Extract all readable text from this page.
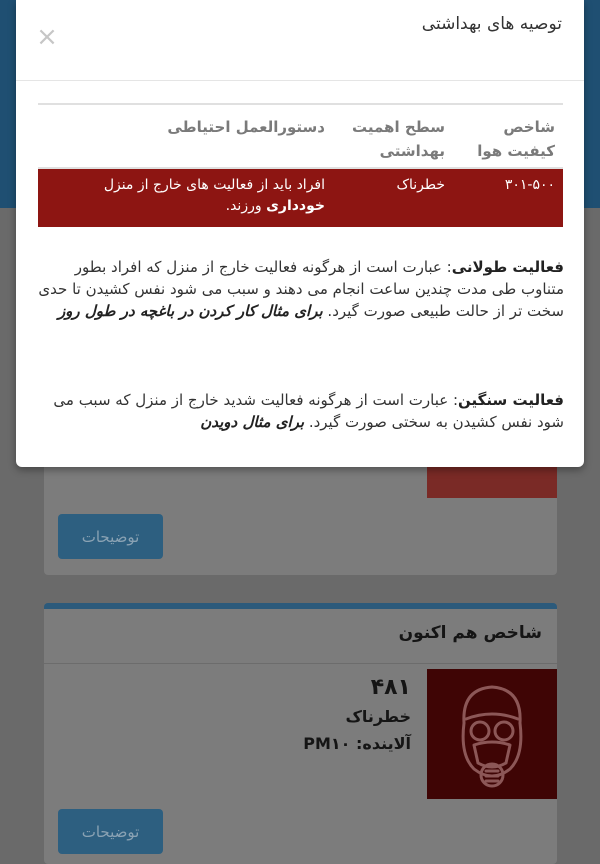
توضیحات
شاخص هم اکنون
۴۸۱
خطرناک
آلاینده: PM۱۰
توضیحات
توصیه های بهداشتی
×
شاخص کیفیت هوا
سطح اهمیت بهداشتی
دستورالعمل احتیاطی
۳۰۱-۵۰۰
خطرناک
افراد باید از فعالیت های خارج از منزل خودداری ورزند.
فعالیت طولانی: عبارت است از هرگونه فعالیت خارج از منزل که افراد بطور متناوب طی مدت چندین ساعت انجام می دهند و سبب می شود نفس کشیدن تا حدی سخت تر از حالت طبیعی صورت گیرد. برای مثال کار کردن در باغچه در طول روز
فعالیت سنگین: عبارت است از هرگونه فعالیت شدید خارج از منزل که سبب می شود نفس کشیدن به سختی صورت گیرد. برای مثال دویدن
